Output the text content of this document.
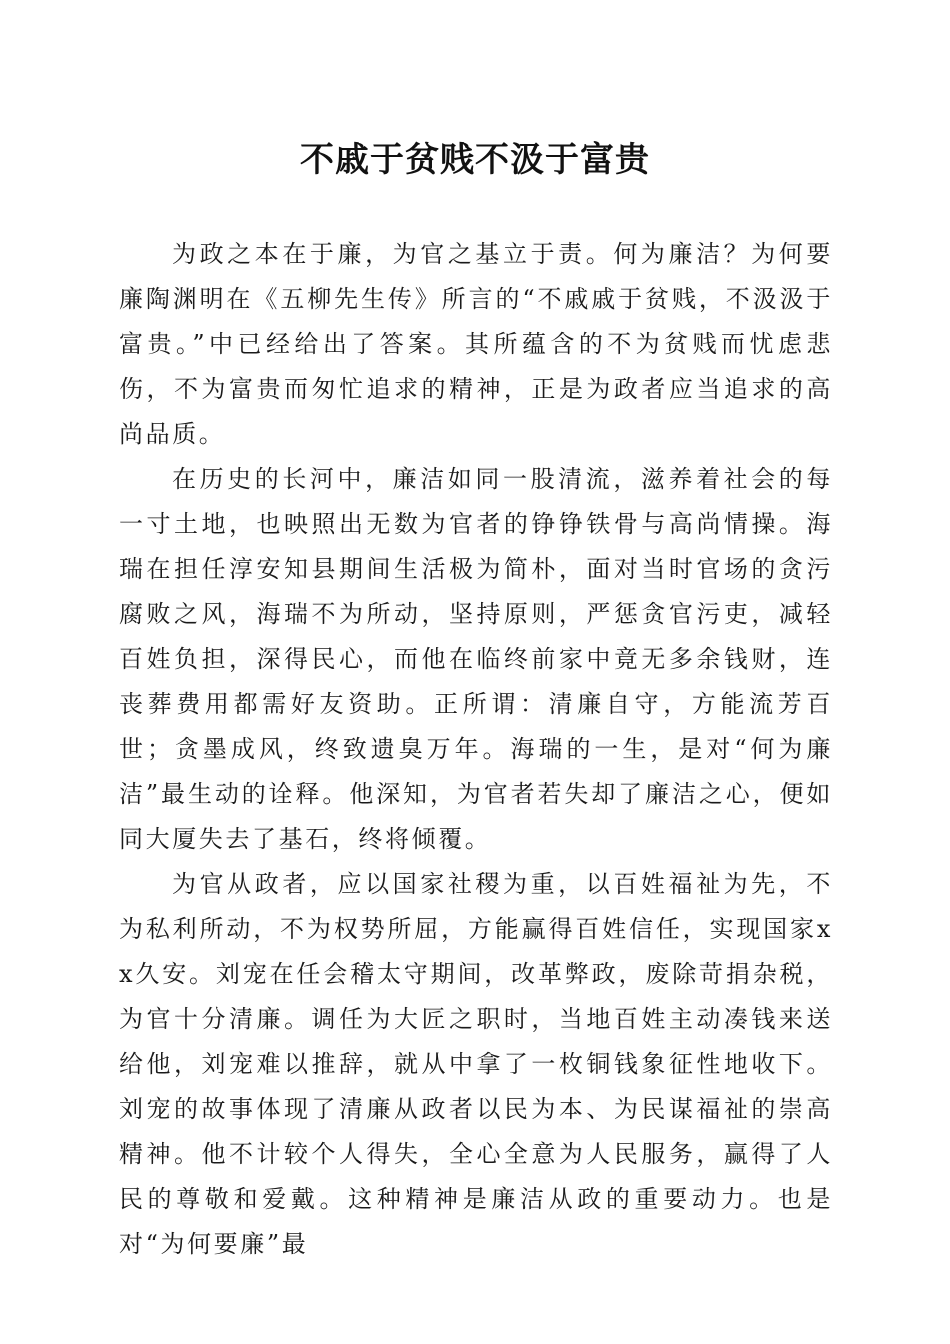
不戚于贫贱不汲于富贵

为政之本在于廉，为官之基立于责。何为廉洁？为何要廉陶渊明在《五柳先生传》所言的“不戚戚于贫贱，不汲汲于富贵。”中已经给出了答案。其所蕴含的不为贫贱而忧虑悲伤，不为富贵而匆忙追求的精神，正是为政者应当追求的高尚品质。

在历史的长河中，廉洁如同一股清流，滋养着社会的每一寸土地，也映照出无数为官者的铮铮铁骨与高尚情操。海瑞在担任淳安知县期间生活极为简朴，面对当时官场的贪污腐败之风，海瑞不为所动，坚持原则，严惩贪官污吏，减轻百姓负担，深得民心，而他在临终前家中竟无多余钱财，连丧葬费用都需好友资助。正所谓：清廉自守，方能流芳百世；贪墨成风，终致遗臭万年。海瑞的一生，是对“何为廉洁”最生动的诠释。他深知，为官者若失却了廉洁之心，便如同大厦失去了基石，终将倾覆。

为官从政者，应以国家社稷为重，以百姓福祉为先，不为私利所动，不为权势所屈，方能赢得百姓信任，实现国家xx久安。刘宠在任会稽太守期间，改革弊政，废除苛捐杂税，为官十分清廉。调任为大匠之职时，当地百姓主动凑钱来送给他，刘宠难以推辞，就从中拿了一枚铜钱象征性地收下。刘宠的故事体现了清廉从政者以民为本、为民谋福祉的崇高精神。他不计较个人得失，全心全意为人民服务，赢得了人民的尊敬和爱戴。这种精神是廉洁从政的重要动力。也是对“为何要廉”最
